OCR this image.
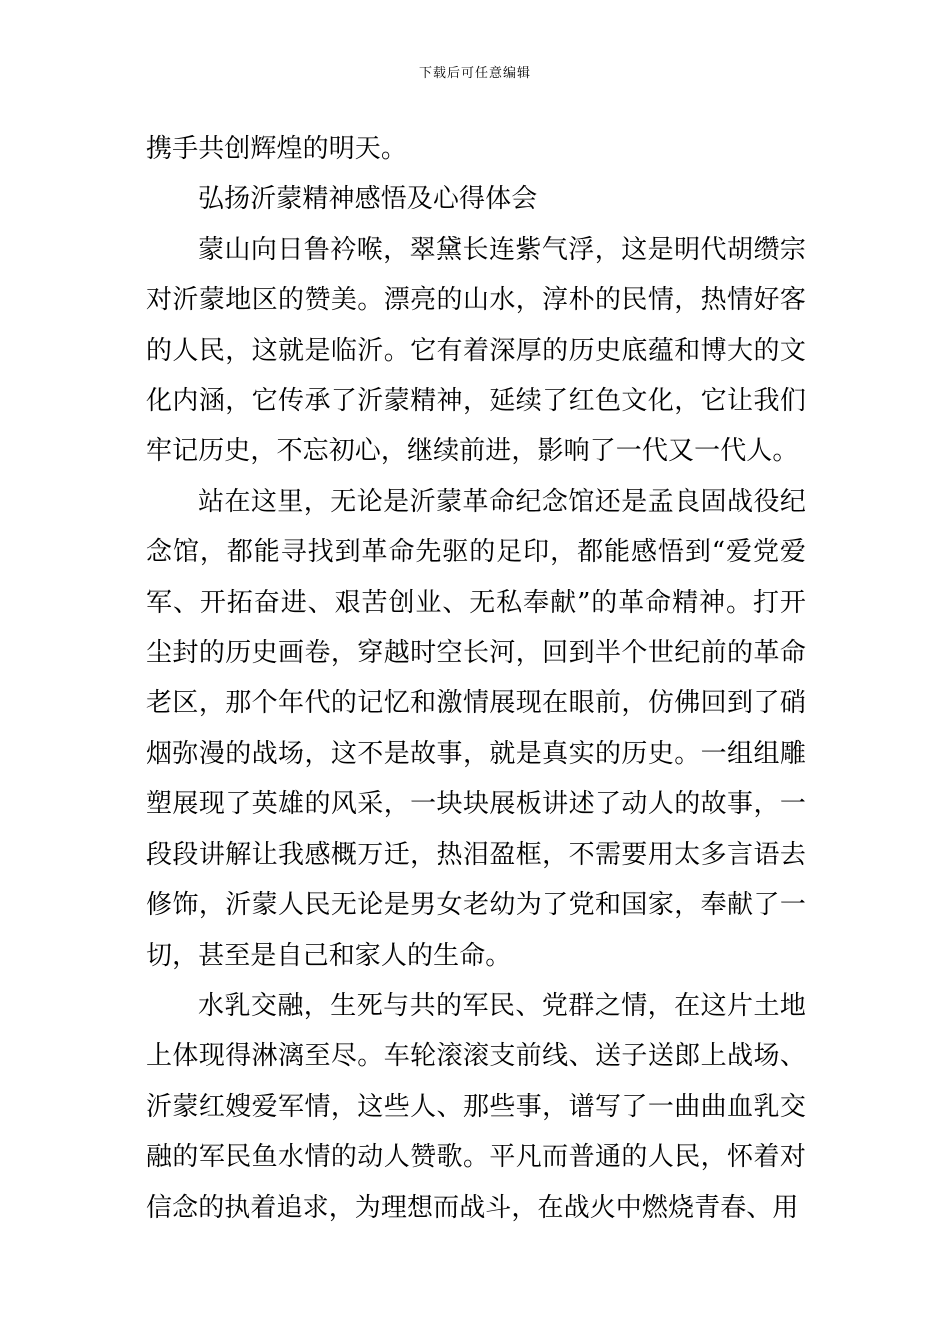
下载后可任意编辑

携手共创辉煌的明天。

弘扬沂蒙精神感悟及心得体会

蒙山向日鲁衿喉，翠黛长连紫气浮，这是明代胡缵宗对沂蒙地区的赞美。漂亮的山水，淳朴的民情，热情好客的人民，这就是临沂。它有着深厚的历史底蕴和博大的文化内涵，它传承了沂蒙精神，延续了红色文化，它让我们牢记历史，不忘初心，继续前进，影响了一代又一代人。

站在这里，无论是沂蒙革命纪念馆还是孟良固战役纪念馆，都能寻找到革命先驱的足印，都能感悟到“爱党爱军、开拓奋进、艰苦创业、无私奉献”的革命精神。打开尘封的历史画卷，穿越时空长河，回到半个世纪前的革命老区，那个年代的记忆和激情展现在眼前，仿佛回到了硝烟弥漫的战场，这不是故事，就是真实的历史。一组组雕塑展现了英雄的风采，一块块展板讲述了动人的故事，一段段讲解让我感概万迁，热泪盈框，不需要用太多言语去修饰，沂蒙人民无论是男女老幼为了党和国家，奉献了一切，甚至是自己和家人的生命。

水乳交融，生死与共的军民、党群之情，在这片土地上体现得淋漓至尽。车轮滚滚支前线、送子送郎上战场、沂蒙红嫂爱军情，这些人、那些事，谱写了一曲曲血乳交融的军民鱼水情的动人赞歌。平凡而普通的人民，怀着对信念的执着追求，为理想而战斗，在战火中燃烧青春、用
